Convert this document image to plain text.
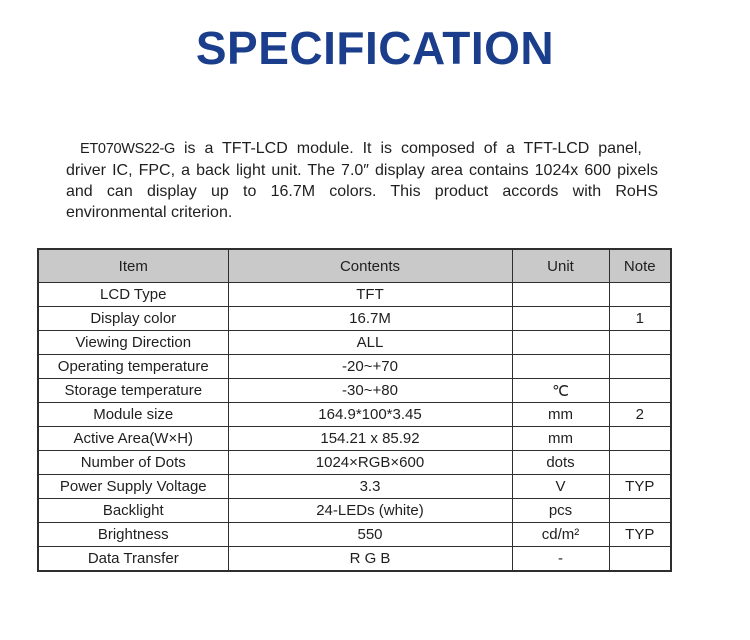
SPECIFICATION
ET070WS22-G is a TFT-LCD module. It is composed of a TFT-LCD panel,
driver IC, FPC, a back light unit. The 7.0″ display area contains 1024x 600 pixels
and can display up to 16.7M colors. This product accords with RoHS
environmental criterion.
Item	Contents	Unit	Note
LCD Type	TFT		
Display color	16.7M		1
Viewing Direction	ALL		
Operating temperature	-20~+70		
Storage temperature	-30~+80	℃	
Module size	164.9*100*3.45	mm	2
Active Area(W×H)	154.21 x 85.92	mm	
Number of Dots	1024×RGB×600	dots	
Power Supply Voltage	3.3	V	TYP
Backlight	24-LEDs (white)	pcs	
Brightness	550	cd/m²	TYP
Data Transfer	R G B	-	
